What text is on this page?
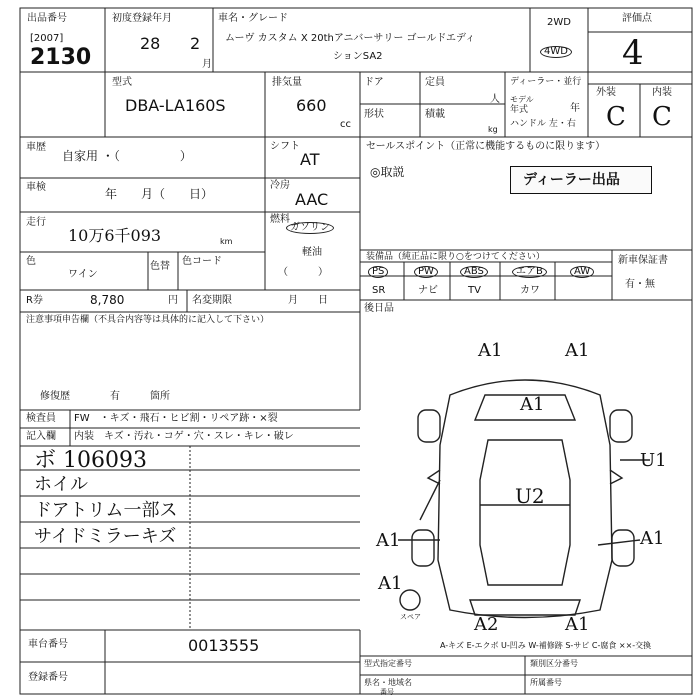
出品番号
[2007]
2130
初度登録年月
28 2
月
車名・グレード
ムーヴ カスタム X 20thアニバーサリー ゴールドエディ
ションSA2
2WD
4WD
評価点
4
外装	内装
C C
型式
DBA-LA160S
排気量
660
cc
ドア
形状
定員
人
積載
kg
ディーラー・並行
モデル
年式	年
ハンドル 左・右
車歴
自家用 ・（　　　　　）
車検	年　　月（　　日）
走行
10万6千093	km
色
ワイン
色替 色コード
シフト
AT
冷房
AAC
燃料
ガソリン
軽油
（　　　）
R券	8,780	円 名変期限	月　　日
セールスポイント（正常に機能するものに限ります）
◎取説	ディーラー出品
装備品（純正品に限り○をつけてください）
PS	PW	ABS	エアB	AW
SR	ナビ	TV	カワ
新車保証書
有・無
注意事項申告欄（不具合内容等は具体的に記入して下さい）
修復歴	有	箇所
後日品
検査員 FW　・キズ・飛石・ヒビ割・リペア跡・×裂
記入欄 内装　キズ・汚れ・コゲ・穴・スレ・キレ・破レ
ボ 106093
ホイル
ドアトリム一部ス
サイドミラーキズ
A1	A1
A1
U1
U2
A1	A1
A1
A2	A1
スペア
A-キズ E-エクボ U-凹み W-補修跡 S-サビ C-腐食 ××-交換
車台番号	0013555
登録番号
型式指定番号	類別区分番号
県名・地域名
番号
所属番号
